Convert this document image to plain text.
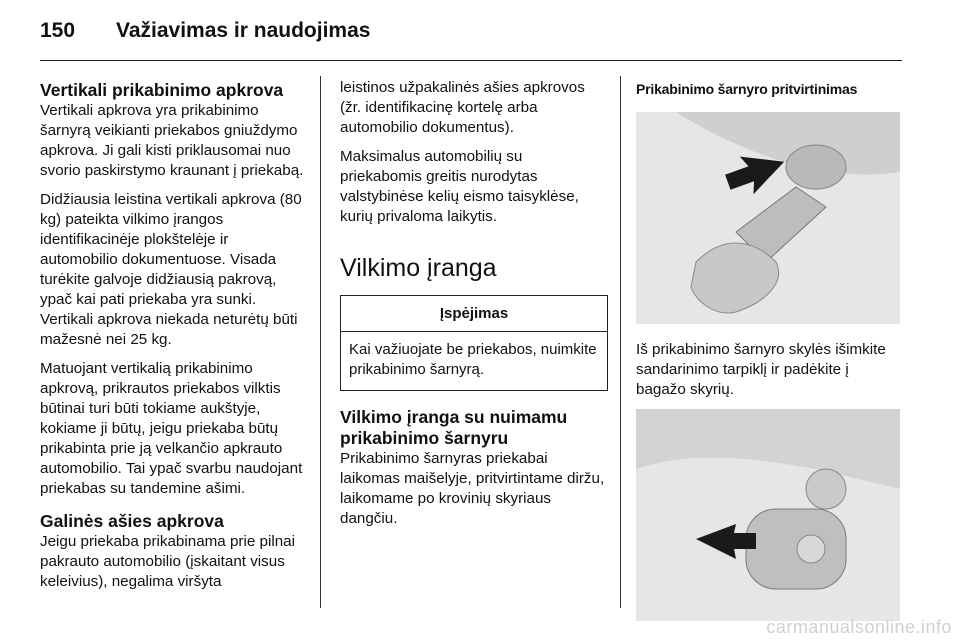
150 Važiavimas ir naudojimas
Vertikali prikabinimo apkrova

Vertikali apkrova yra prikabinimo šarnyrą veikianti priekabos gniuždymo apkrova. Ji gali kisti priklausomai nuo svorio paskirstymo kraunant į priekabą.

Didžiausia leistina vertikali apkrova (80 kg) pateikta vilkimo įrangos identifikacinėje plokštelėje ir automobilio dokumentuose. Visada turėkite galvoje didžiausią pakrovą, ypač kai pati priekaba yra sunki. Vertikali apkrova niekada neturėtų būti mažesnė nei 25 kg.

Matuojant vertikalią prikabinimo apkrovą, prikrautos priekabos vilktis būtinai turi būti tokiame aukštyje, kokiame ji būtų, jeigu priekaba būtų prikabinta prie ją velkančio apkrauto automobilio. Tai ypač svarbu naudojant priekabas su tandemine ašimi.

Galinės ašies apkrova

Jeigu priekaba prikabinama prie pilnai pakrauto automobilio (įskaitant visus keleivius), negalima viršyta

leistinos užpakalinės ašies apkrovos (žr. identifikacinę kortelę arba automobilio dokumentus).

Maksimalus automobilių su priekabomis greitis nurodytas valstybinėse kelių eismo taisyklėse, kurių privaloma laikytis.

Vilkimo įranga
Įspėjimas
Kai važiuojate be priekabos, nuimkite prikabinimo šarnyrą.
Vilkimo įranga su nuimamu prikabinimo šarnyru

Prikabinimo šarnyras priekabai laikomas maišelyje, pritvirtintame diržu, laikomame po krovinių skyriaus dangčiu.

Prikabinimo šarnyro pritvirtinimas

Iš prikabinimo šarnyro skylės išimkite sandarinimo tarpiklį ir padėkite į bagažo skyrių.

carmanualsonline.info
